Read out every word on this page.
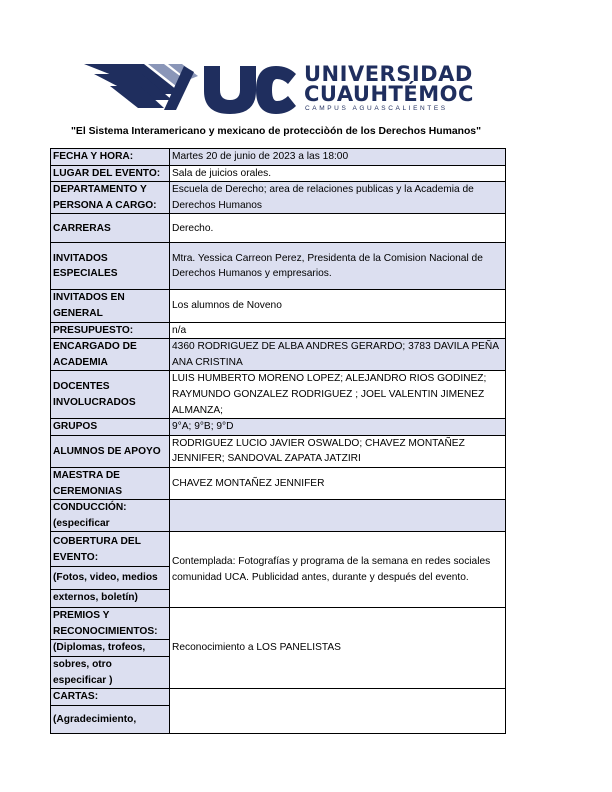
UNIVERSIDAD
CUAUHTÉMOC
CAMPUS AGUASCALIENTES
"El Sistema Interamericano y mexicano de protecciòón de los Derechos Humanos"
FECHA Y HORA:	Martes 20 de junio de 2023 a las 18:00
LUGAR DEL EVENTO:	Sala de juicios orales.

DEPARTAMENTO Y
PERSONA A CARGO:	Escuela de Derecho; area de relaciones publicas y la Academia de Derechos Humanos
CARRERAS	Derecho.

INVITADOS
ESPECIALES	Mtra. Yessica Carreon Perez, Presidenta de la Comision Nacional de Derechos Humanos y empresarios.

INVITADOS EN
GENERAL	Los alumnos de Noveno
PRESUPUESTO:	n/a

ENCARGADO DE
ACADEMIA	4360 RODRIGUEZ DE ALBA ANDRES GERARDO; 3783 DAVILA PEÑA ANA CRISTINA

DOCENTES
INVOLUCRADOS	LUIS HUMBERTO MORENO LOPEZ; ALEJANDRO RIOS GODINEZ; RAYMUNDO GONZALEZ RODRIGUEZ ; JOEL VALENTIN JIMENEZ ALMANZA;
GRUPOS	9°A; 9°B; 9°D
ALUMNOS DE APOYO	RODRIGUEZ LUCIO JAVIER OSWALDO; CHAVEZ MONTAÑEZ JENNIFER; SANDOVAL ZAPATA JATZIRI

MAESTRA DE
CEREMONIAS	CHAVEZ MONTAÑEZ JENNIFER

CONDUCCIÓN:
(especificar	

COBERTURA DEL
EVENTO:
(Fotos, video, medios
externos, boletín)	Contemplada: Fotografías y programa de la semana en redes sociales comunidad UCA. Publicidad antes, durante y después del evento.

PREMIOS Y
RECONOCIMIENTOS:
(Diplomas, trofeos,
sobres, otro
especificar )	Reconocimiento a LOS PANELISTAS

CARTAS:
(Agradecimiento,	
